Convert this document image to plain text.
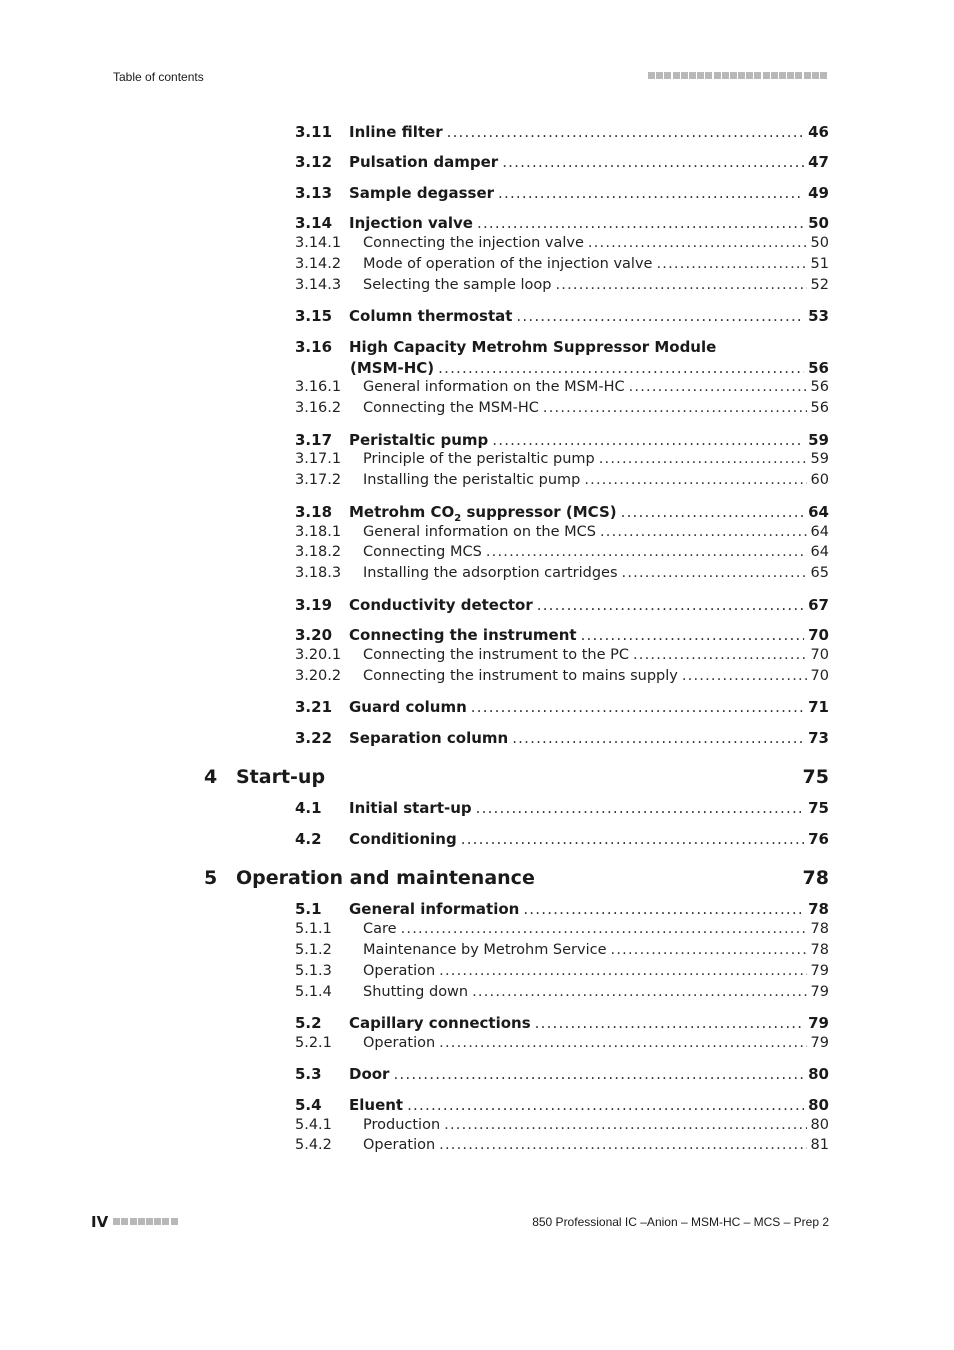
Table of contents
3.11	Inline filter .....	46
3.12	Pulsation damper .....	47
3.13	Sample degasser .....	49
3.14	Injection valve .....	50
3.14.1	Connecting the injection valve .....	50
3.14.2	Mode of operation of the injection valve .....	51
3.14.3	Selecting the sample loop .....	52
3.15	Column thermostat .....	53
3.16	High Capacity Metrohm Suppressor Module
(MSM-HC) .....	56
3.16.1	General information on the MSM-HC .....	56
3.16.2	Connecting the MSM-HC .....	56
3.17	Peristaltic pump .....	59
3.17.1	Principle of the peristaltic pump .....	59
3.17.2	Installing the peristaltic pump .....	60
3.18	Metrohm $CO_2$ suppressor (MCS) .....	64
3.18.1	General information on the MCS .....	64
3.18.2	Connecting MCS .....	64
3.18.3	Installing the adsorption cartridges .....	65
3.19	Conductivity detector .....	67
3.20	Connecting the instrument .....	70
3.20.1	Connecting the instrument to the PC .....	70
3.20.2	Connecting the instrument to mains supply .....	70
3.21	Guard column .....	71
3.22	Separation column .....	73
4 Start-up	75
4.1	Initial start-up .....	75
4.2	Conditioning .....	76
5 Operation and maintenance	78
5.1	General information .....	78
5.1.1	Care .....	78
5.1.2	Maintenance by Metrohm Service .....	78
5.1.3	Operation .....	79
5.1.4	Shutting down .....	79
5.2	Capillary connections .....	79
5.2.1	Operation .....	79
5.3	Door .....	80
5.4	Eluent .....	80
5.4.1	Production .....	80
5.4.2	Operation .....	81
IV	850 Professional IC –Anion – MSM-HC – MCS – Prep 2
